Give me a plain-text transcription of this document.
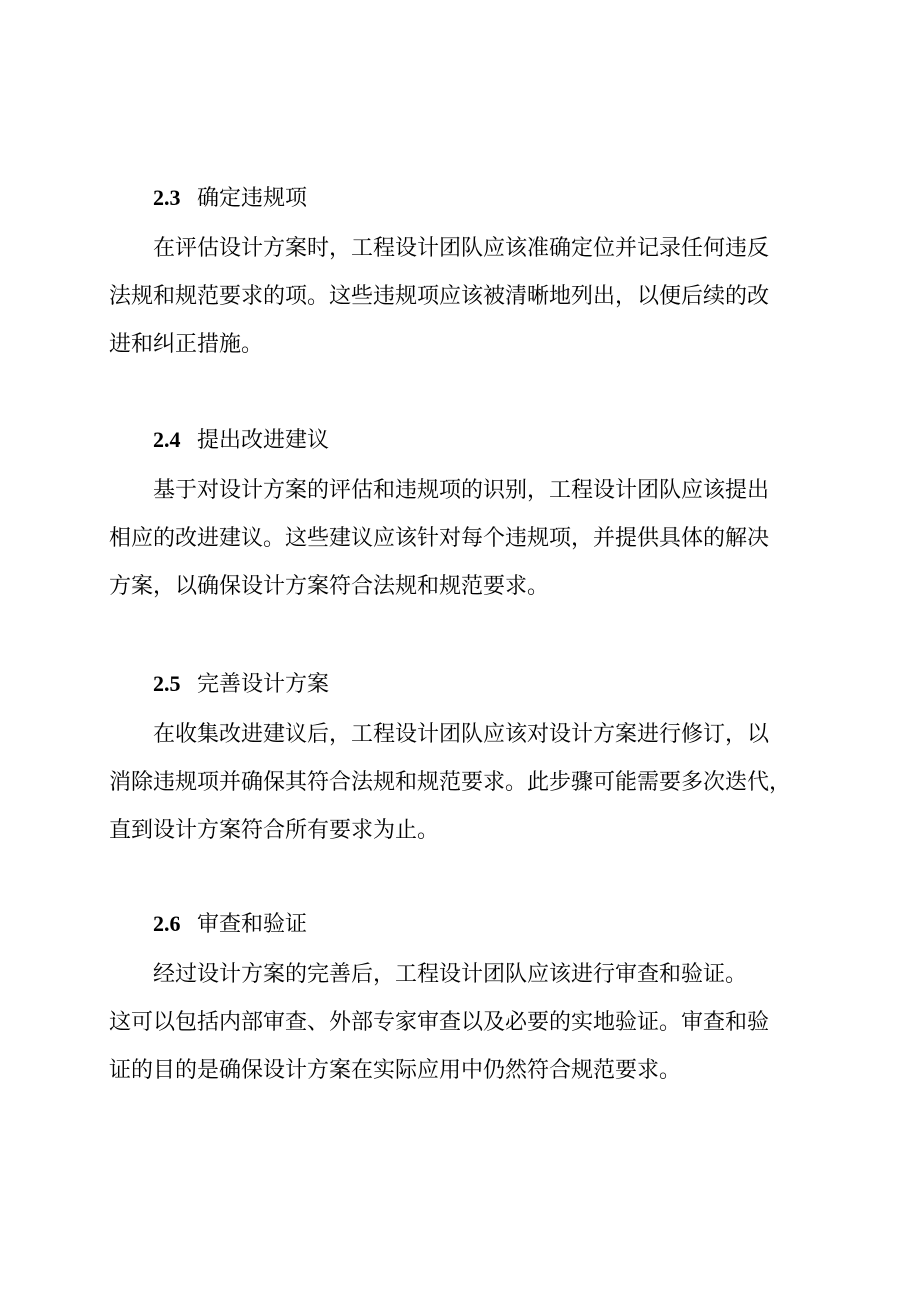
2.3 确定违规项
在评估设计方案时，工程设计团队应该准确定位并记录任何违反
法规和规范要求的项。这些违规项应该被清晰地列出，以便后续的改
进和纠正措施。
2.4 提出改进建议
基于对设计方案的评估和违规项的识别，工程设计团队应该提出
相应的改进建议。这些建议应该针对每个违规项，并提供具体的解决
方案，以确保设计方案符合法规和规范要求。
2.5 完善设计方案
在收集改进建议后，工程设计团队应该对设计方案进行修订，以
消除违规项并确保其符合法规和规范要求。此步骤可能需要多次迭代，
直到设计方案符合所有要求为止。
2.6 审查和验证
经过设计方案的完善后，工程设计团队应该进行审查和验证。
这可以包括内部审查、外部专家审查以及必要的实地验证。审查和验
证的目的是确保设计方案在实际应用中仍然符合规范要求。
